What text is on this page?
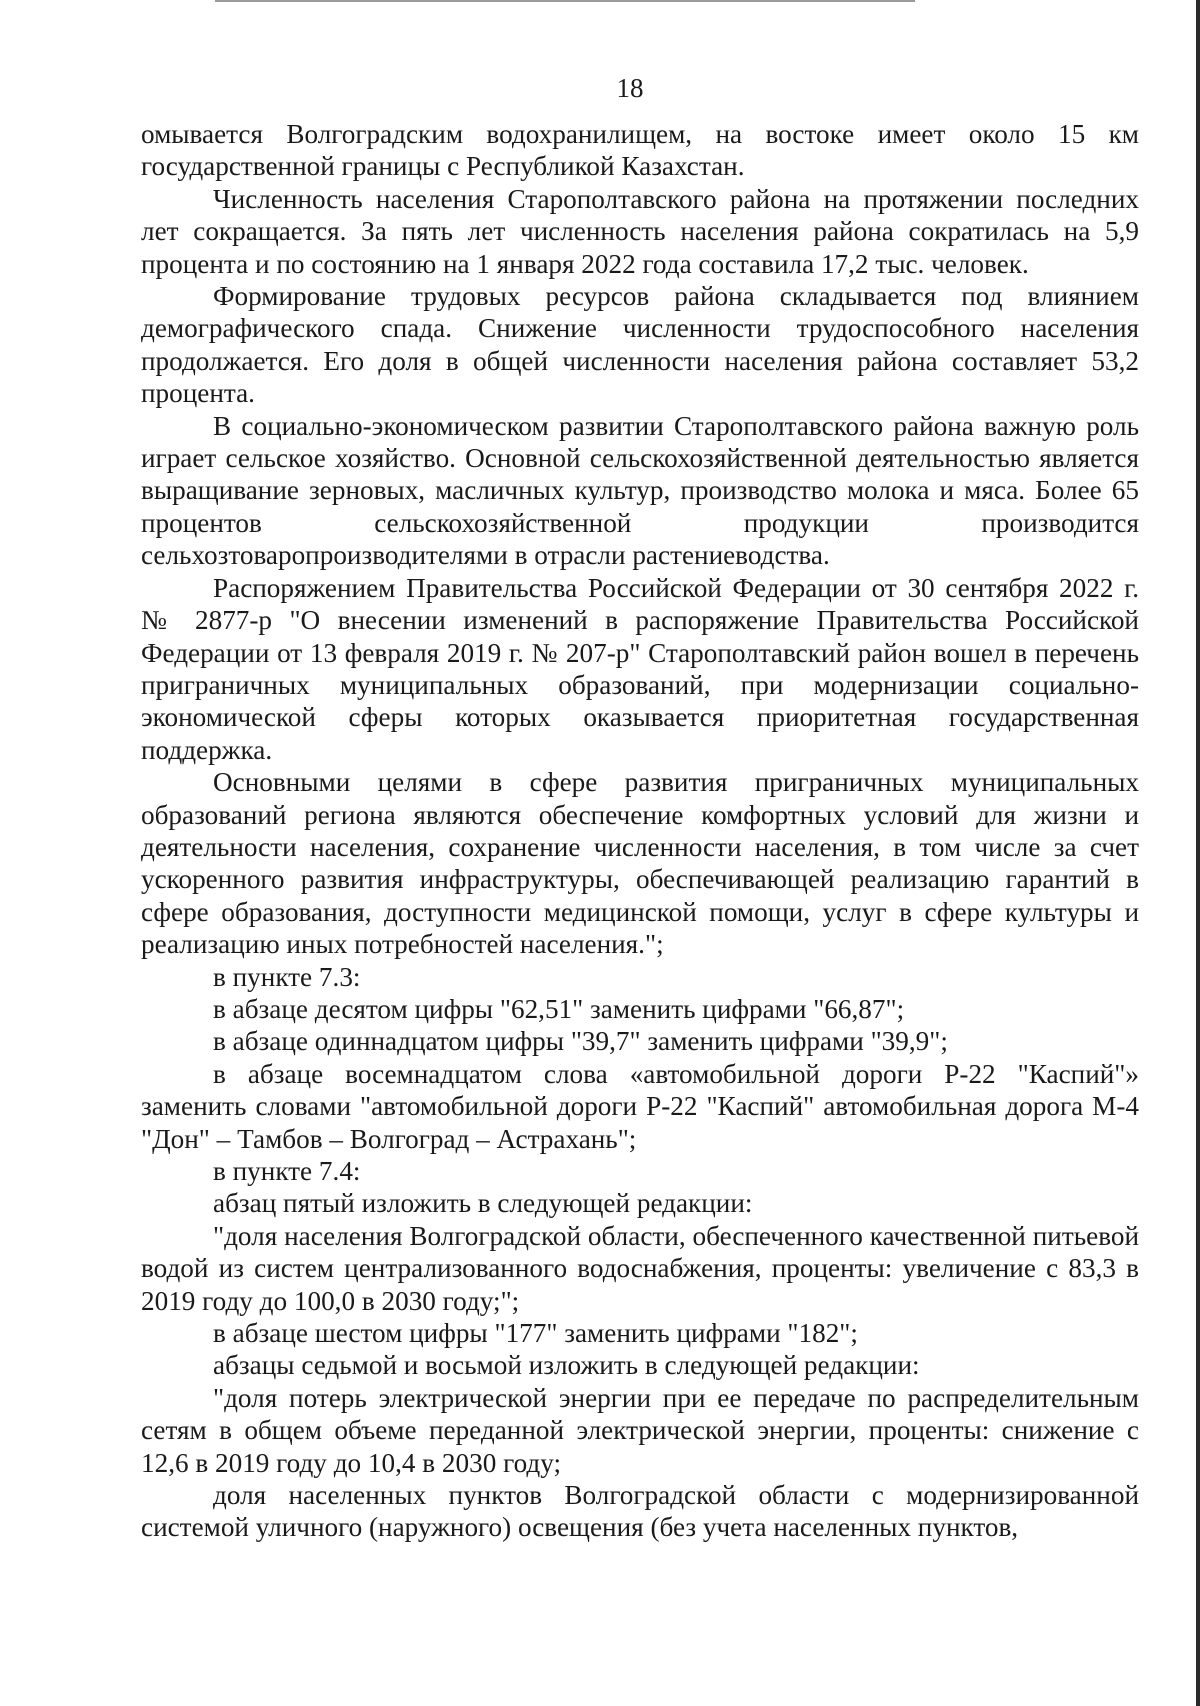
18

омывается Волгоградским водохранилищем, на востоке имеет около 15 км государственной границы с Республикой Казахстан.

Численность населения Старополтавского района на протяжении последних лет сокращается. За пять лет численность населения района сократилась на 5,9 процента и по состоянию на 1 января 2022 года составила 17,2 тыс. человек.

Формирование трудовых ресурсов района складывается под влиянием демографического спада. Снижение численности трудоспособного населения продолжается. Его доля в общей численности населения района составляет 53,2 процента.

В социально-экономическом развитии Старополтавского района важную роль играет сельское хозяйство. Основной сельскохозяйственной деятельностью является выращивание зерновых, масличных культур, производство молока и мяса. Более 65 процентов сельскохозяйственной продукции производится сельхозтоваропроизводителями в отрасли растениеводства.

Распоряжением Правительства Российской Федерации от 30 сентября 2022 г. № 2877-р "О внесении изменений в распоряжение Правительства Российской Федерации от 13 февраля 2019 г. № 207-р" Старополтавский район вошел в перечень приграничных муниципальных образований, при модернизации социально-экономической сферы которых оказывается приоритетная государственная поддержка.

Основными целями в сфере развития приграничных муниципальных образований региона являются обеспечение комфортных условий для жизни и деятельности населения, сохранение численности населения, в том числе за счет ускоренного развития инфраструктуры, обеспечивающей реализацию гарантий в сфере образования, доступности медицинской помощи, услуг в сфере культуры и реализацию иных потребностей населения.";

в пункте 7.3:

в абзаце десятом цифры "62,51" заменить цифрами "66,87";

в абзаце одиннадцатом цифры "39,7" заменить цифрами "39,9";

в абзаце восемнадцатом слова «автомобильной дороги Р-22 "Каспий"» заменить словами "автомобильной дороги Р-22 "Каспий" автомобильная дорога М-4 "Дон" – Тамбов – Волгоград – Астрахань";

в пункте 7.4:

абзац пятый изложить в следующей редакции:

"доля населения Волгоградской области, обеспеченного качественной питьевой водой из систем централизованного водоснабжения, проценты: увеличение с 83,3 в 2019 году до 100,0 в 2030 году;";

в абзаце шестом цифры "177" заменить цифрами "182";

абзацы седьмой и восьмой изложить в следующей редакции:

"доля потерь электрической энергии при ее передаче по распределительным сетям в общем объеме переданной электрической энергии, проценты: снижение с 12,6 в 2019 году до 10,4 в 2030 году;

доля населенных пунктов Волгоградской области с модернизированной системой уличного (наружного) освещения (без учета населенных пунктов,
